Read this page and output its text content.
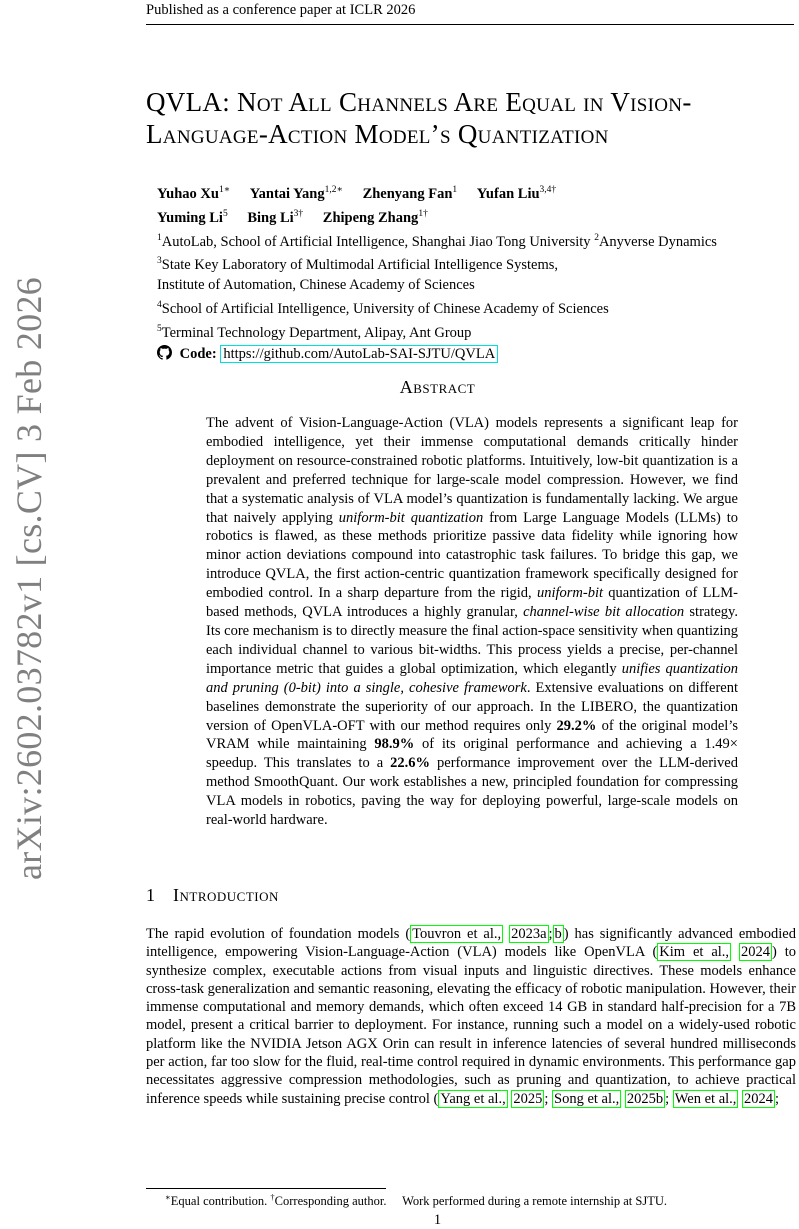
Published as a conference paper at ICLR 2026
arXiv:2602.03782v1 [cs.CV] 3 Feb 2026
QVLA: Not All Channels Are Equal in Vision-
Language-Action Model’s Quantization
Yuhao $Xu^{1∗}$ Yantai Yang$^{1,2∗}$ Zhenyang Fan$^1$ Yufan Liu$^{3,4\dagger}$
Yuming Li$^5$ Bing $Li^{3\dagger}$ Zhipeng Zhang$^{1\dagger}$
$^1$AutoLab, School of Artificial Intelligence, Shanghai Jiao Tong University $^2$Anyverse Dynamics
$^3$State Key Laboratory of Multimodal Artificial Intelligence Systems,
Institute of Automation, Chinese Academy of Sciences
$^4$School of Artificial Intelligence, University of Chinese Academy of Sciences
$^5$Terminal Technology Department, Alipay, Ant Group
Code: https://github.com/AutoLab-SAI-SJTU/QVLA
Abstract
The advent of Vision-Language-Action (VLA) models represents a significant leap for embodied intelligence, yet their immense computational demands critically hinder deployment on resource-constrained robotic platforms. Intuitively, low-bit quantization is a prevalent and preferred technique for large-scale model compression. However, we find that a systematic analysis of VLA model’s quantization is fundamentally lacking. We argue that naively applying uniform-bit quantization from Large Language Models (LLMs) to robotics is flawed, as these methods prioritize passive data fidelity while ignoring how minor action deviations compound into catastrophic task failures. To bridge this gap, we introduce QVLA, the first action-centric quantization framework specifically designed for embodied control. In a sharp departure from the rigid, uniform-bit quantization of LLM-based methods, QVLA introduces a highly granular, channel-wise bit allocation strategy. Its core mechanism is to directly measure the final action-space sensitivity when quantizing each individual channel to various bit-widths. This process yields a precise, per-channel importance metric that guides a global optimization, which elegantly unifies quantization and pruning (0-bit) into a single, cohesive framework. Extensive evaluations on different baselines demonstrate the superiority of our approach. In the LIBERO, the quantization version of OpenVLA-OFT with our method requires only 29.2% of the original model’s VRAM while maintaining 98.9% of its original performance and achieving a 1.49× speedup. This translates to a 22.6% performance improvement over the LLM-derived method SmoothQuant. Our work establishes a new, principled foundation for compressing VLA models in robotics, paving the way for deploying powerful, large-scale models on real-world hardware.
1 Introduction
The rapid evolution of foundation models ( Touvron et al., 2023a ; b ) has significantly advanced embodied intelligence, empowering Vision-Language-Action (VLA) models like OpenVLA ( Kim et al., 2024 ) to synthesize complex, executable actions from visual inputs and linguistic directives. These models enhance cross-task generalization and semantic reasoning, elevating the efficacy of robotic manipulation. However, their immense computational and memory demands, which often exceed 14 GB in standard half-precision for a 7B model, present a critical barrier to deployment. For instance, running such a model on a widely-used robotic platform like the NVIDIA Jetson AGX Orin can result in inference latencies of several hundred milliseconds per action, far too slow for the fluid, real-time control required in dynamic environments. This performance gap necessitates aggressive compression methodologies, such as pruning and quantization, to achieve practical inference speeds while sustaining precise control ( Yang et al., 2025 ; Song et al., 2025b ; Wen et al., 2024 ;
∗Equal contribution. †Corresponding author. Work performed during a remote internship at SJTU.
1
